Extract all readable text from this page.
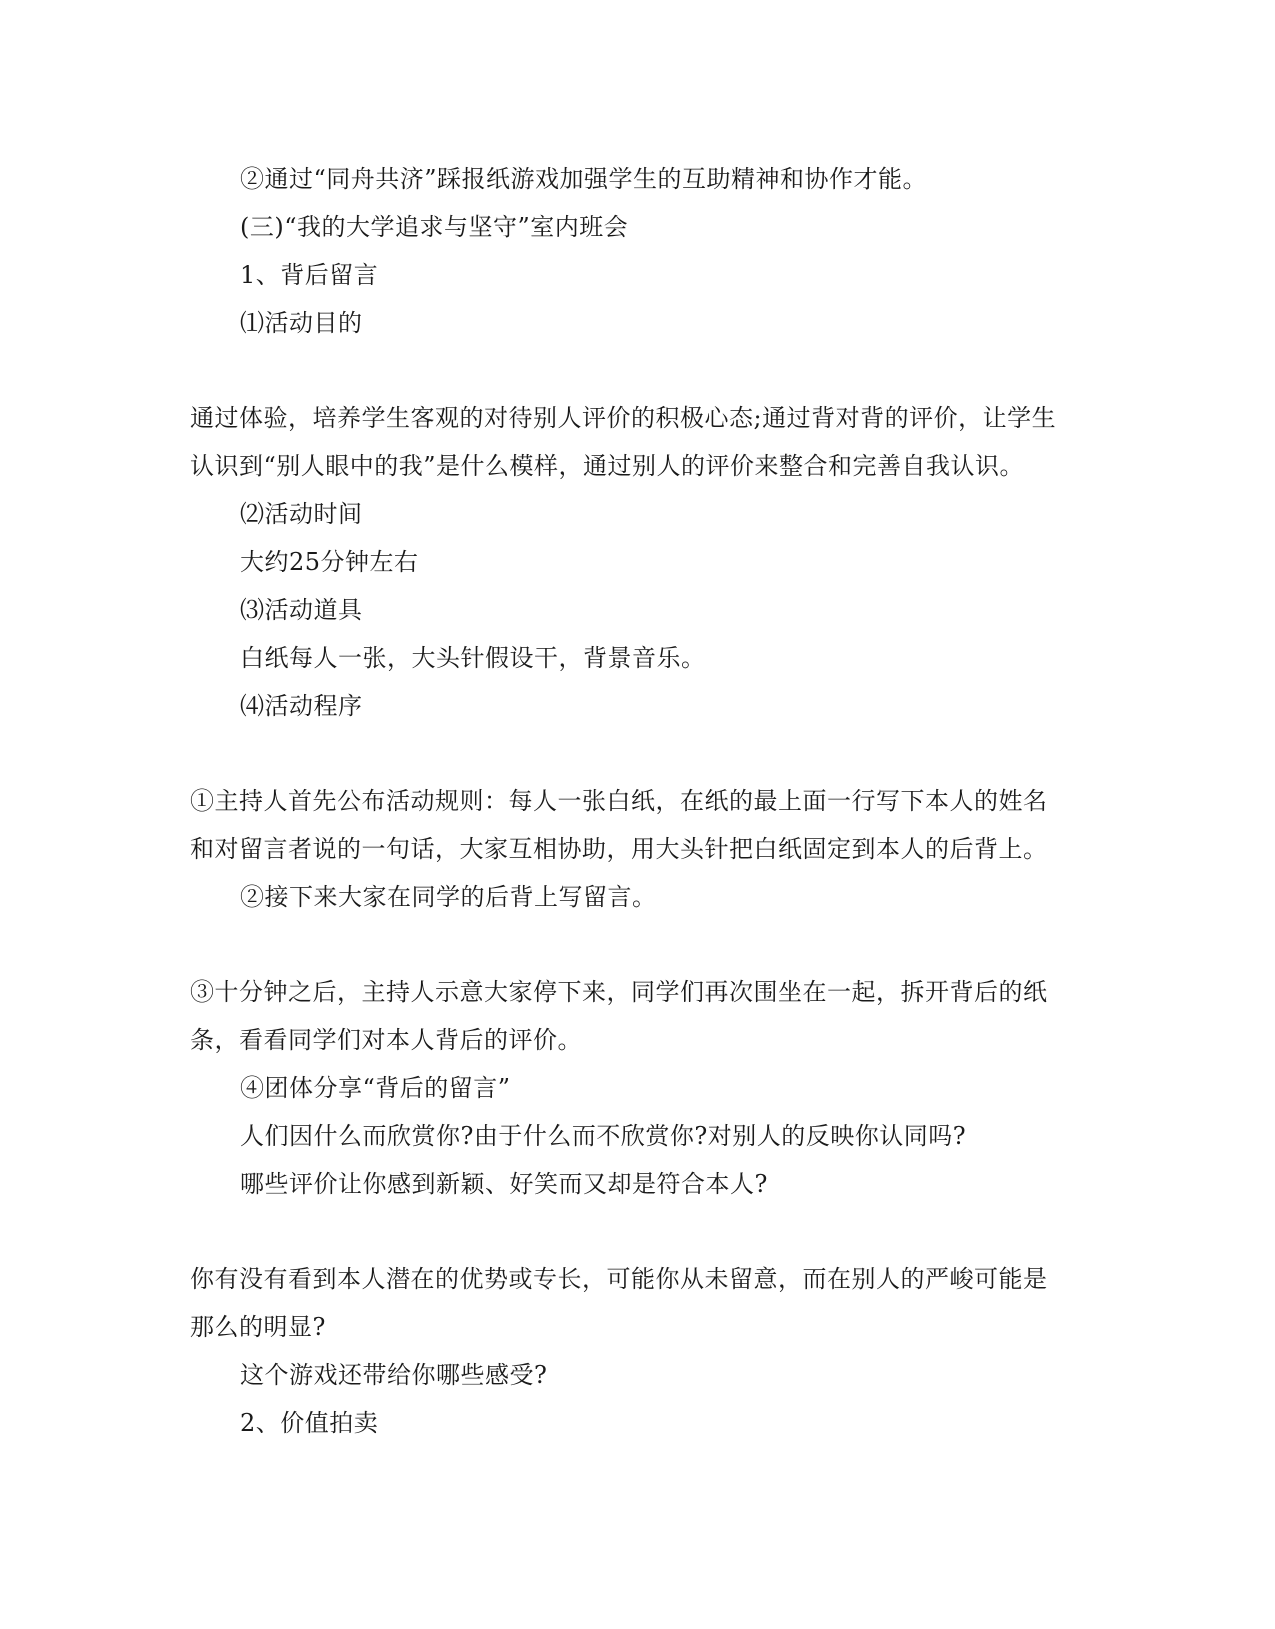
②通过“同舟共济”踩报纸游戏加强学生的互助精神和协作才能。
(三)“我的大学追求与坚守”室内班会
1、背后留言
⑴活动目的
通过体验，培养学生客观的对待别人评价的积极心态;通过背对背的评价，让学生
认识到“别人眼中的我”是什么模样，通过别人的评价来整合和完善自我认识。
⑵活动时间
大约25分钟左右
⑶活动道具
白纸每人一张，大头针假设干，背景音乐。
⑷活动程序
①主持人首先公布活动规则：每人一张白纸，在纸的最上面一行写下本人的姓名
和对留言者说的一句话，大家互相协助，用大头针把白纸固定到本人的后背上。
②接下来大家在同学的后背上写留言。
③十分钟之后，主持人示意大家停下来，同学们再次围坐在一起，拆开背后的纸
条，看看同学们对本人背后的评价。
④团体分享“背后的留言”
人们因什么而欣赏你?由于什么而不欣赏你?对别人的反映你认同吗?
哪些评价让你感到新颖、好笑而又却是符合本人?
你有没有看到本人潜在的优势或专长，可能你从未留意，而在别人的严峻可能是
那么的明显?
这个游戏还带给你哪些感受?
2、价值拍卖
